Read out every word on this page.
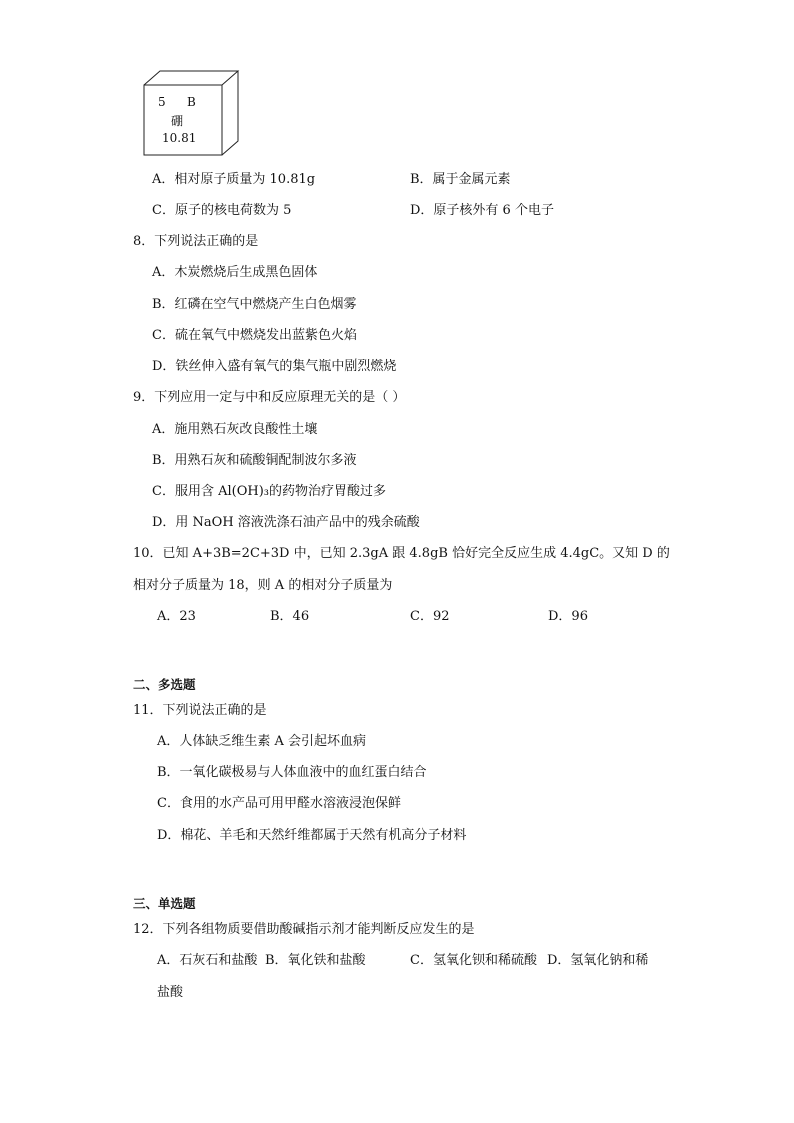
5 B
硼
10.81
A．相对原子质量为 10.81g	B．属于金属元素
C．原子的核电荷数为 5	D．原子核外有 6 个电子
8．下列说法正确的是
A．木炭燃烧后生成黑色固体
B．红磷在空气中燃烧产生白色烟雾
C．硫在氧气中燃烧发出蓝紫色火焰
D．铁丝伸入盛有氧气的集气瓶中剧烈燃烧
9．下列应用一定与中和反应原理无关的是（ ）
A．施用熟石灰改良酸性土壤
B．用熟石灰和硫酸铜配制波尔多液
C．服用含 Al(OH)₃的药物治疗胃酸过多
D．用 NaOH 溶液洗涤石油产品中的残余硫酸
10．已知 A+3B=2C+3D 中，已知 2.3gA 跟 4.8gB 恰好完全反应生成 4.4gC。又知 D 的
相对分子质量为 18，则 A 的相对分子质量为
A．23	B．46	C．92	D．96
二、多选题
11．下列说法正确的是
A．人体缺乏维生素 A 会引起坏血病
B．一氧化碳极易与人体血液中的血红蛋白结合
C．食用的水产品可用甲醛水溶液浸泡保鲜
D．棉花、羊毛和天然纤维都属于天然有机高分子材料
三、单选题
12．下列各组物质要借助酸碱指示剂才能判断反应发生的是
A．石灰石和盐酸 B．氧化铁和盐酸	C．氢氧化钡和稀硫酸 D．氢氧化钠和稀
盐酸
